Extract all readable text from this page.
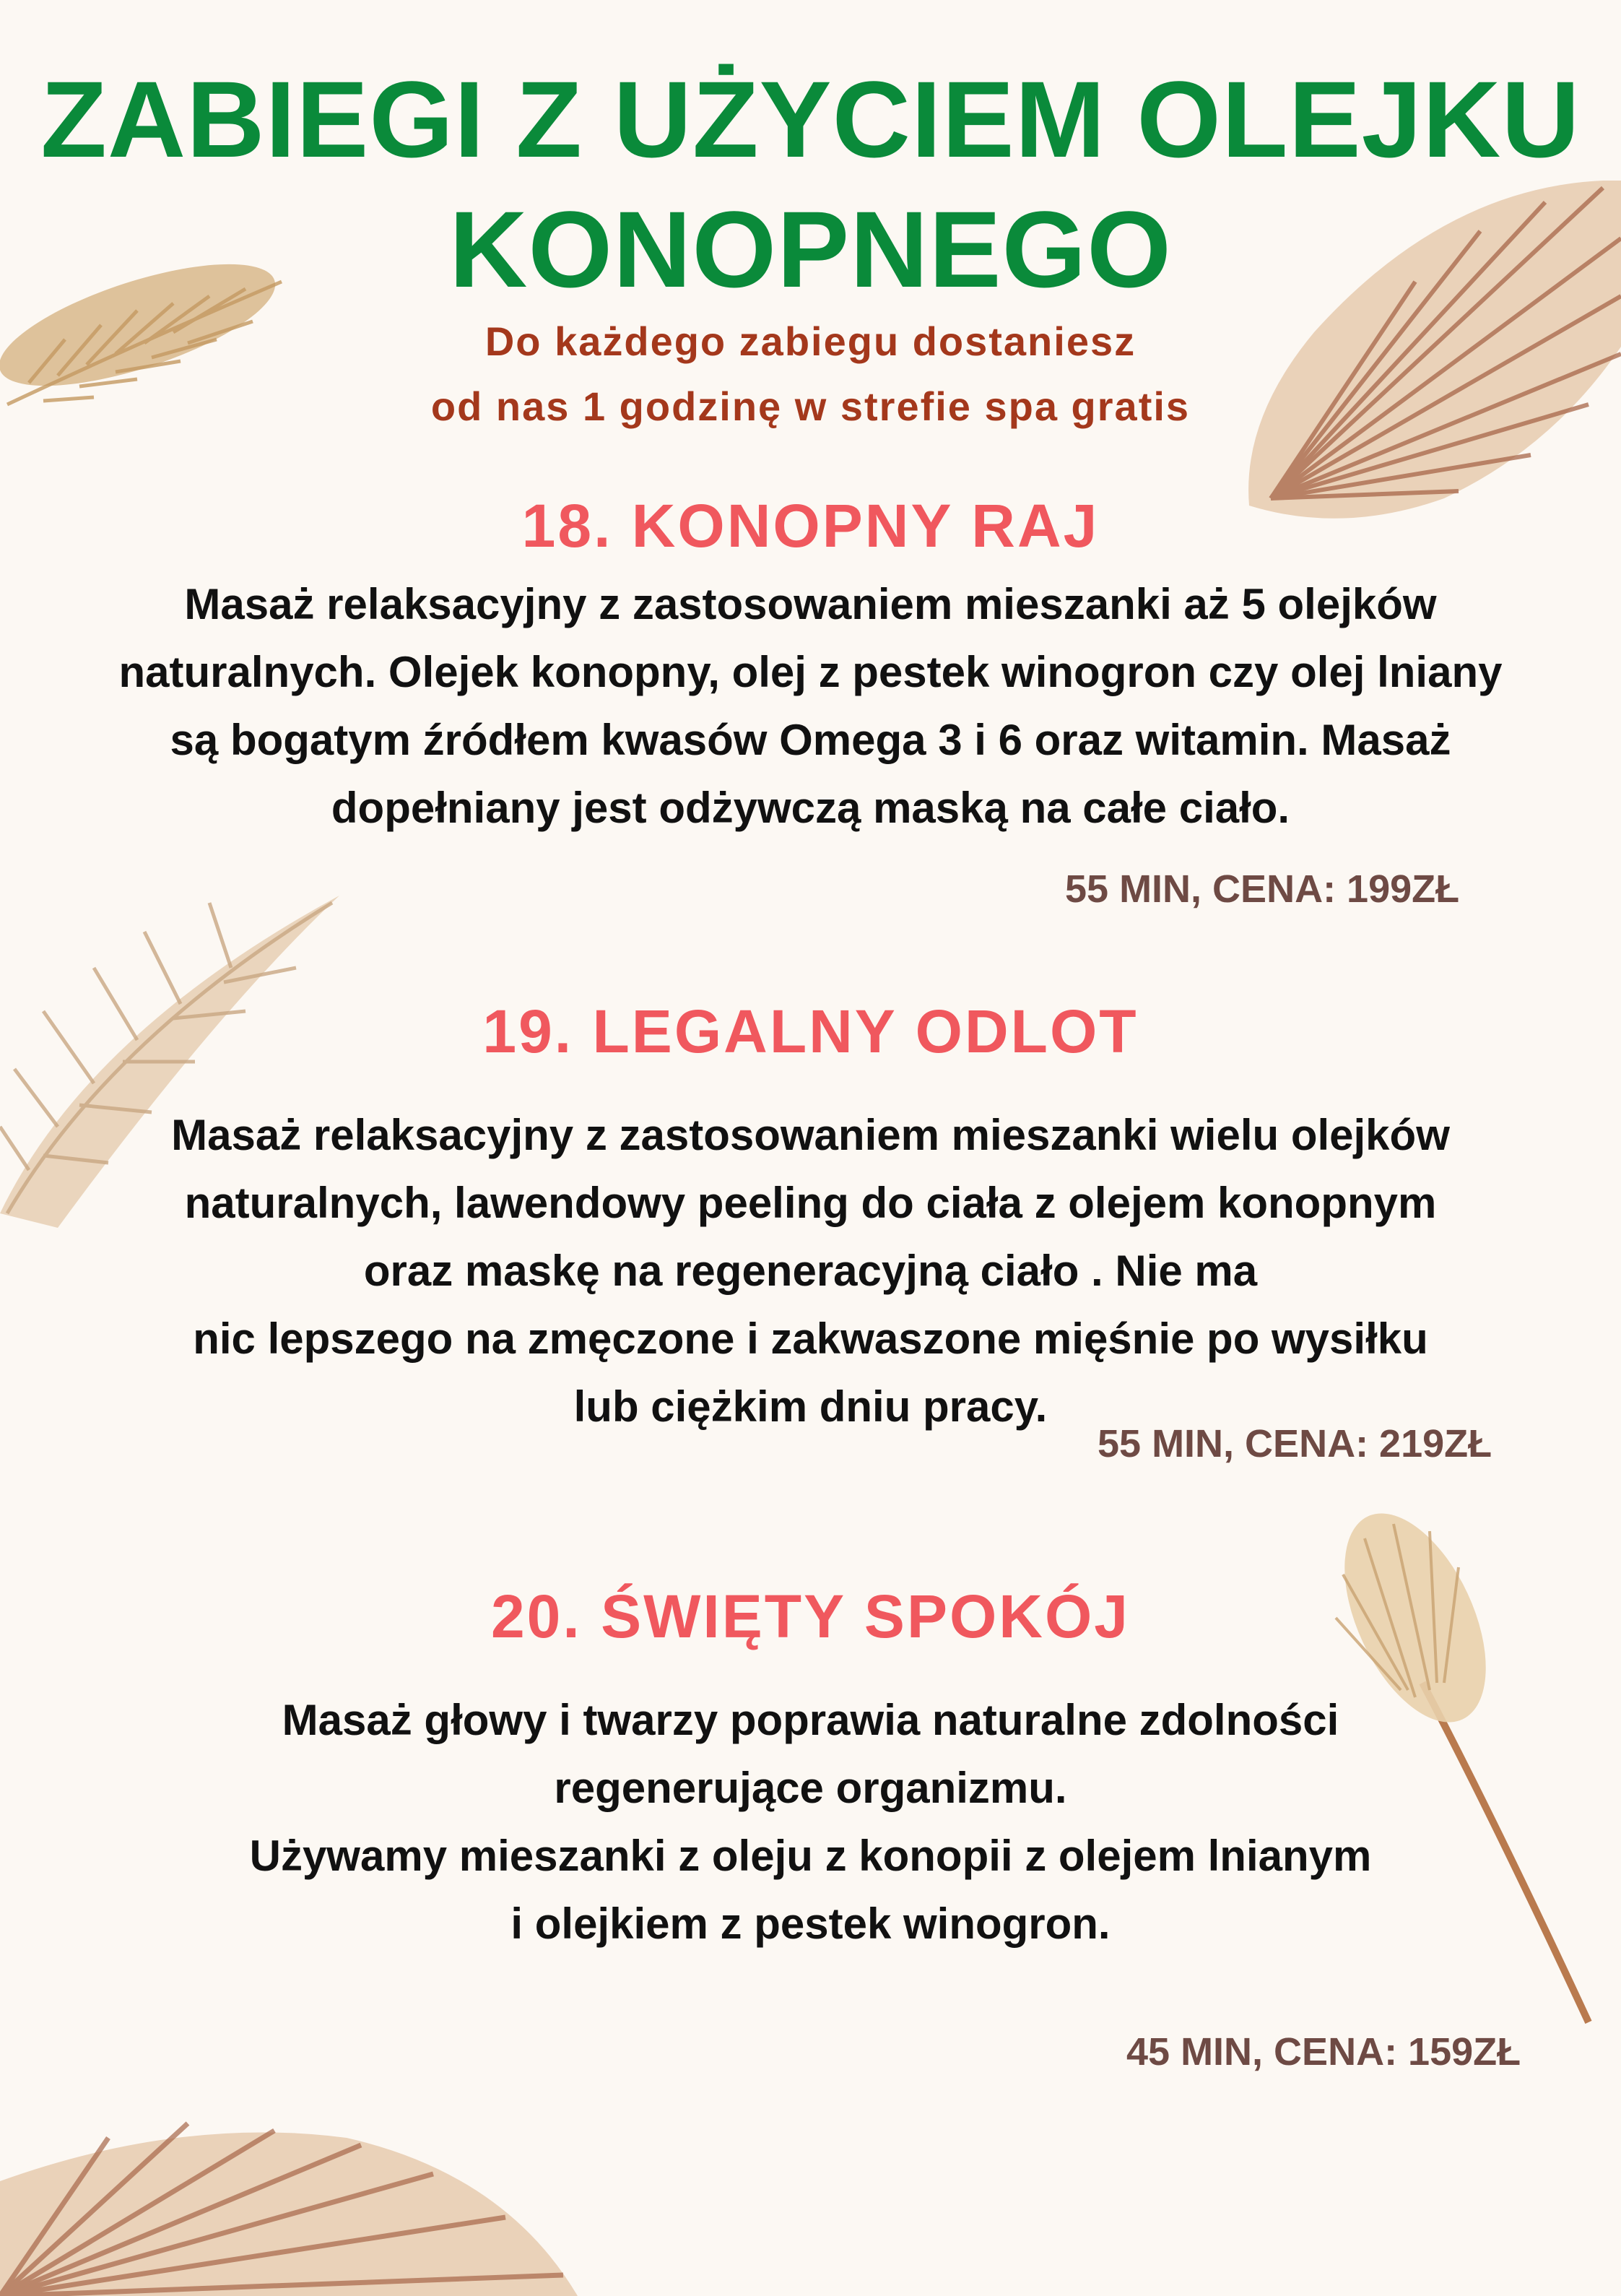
ZABIEGI Z UŻYCIEM OLEJKU
KONOPNEGO
Do każdego zabiegu dostaniesz
od nas 1 godzinę w strefie spa gratis
18. KONOPNY RAJ
Masaż relaksacyjny z zastosowaniem mieszanki aż 5 olejków
naturalnych. Olejek konopny, olej z pestek winogron czy olej lniany
są bogatym źródłem kwasów Omega 3 i 6 oraz witamin. Masaż
dopełniany jest odżywczą maską na całe ciało.
55 MIN, CENA: 199ZŁ
19. LEGALNY ODLOT
Masaż relaksacyjny z zastosowaniem mieszanki wielu olejków
naturalnych, lawendowy peeling do ciała z olejem konopnym
oraz maskę na regeneracyjną ciało . Nie ma
nic lepszego na zmęczone i zakwaszone mięśnie po wysiłku
lub ciężkim dniu pracy.
55 MIN, CENA: 219ZŁ
20. ŚWIĘTY SPOKÓJ
Masaż głowy i twarzy poprawia naturalne zdolności
regenerujące organizmu.
Używamy mieszanki z oleju z konopii z olejem lnianym
i olejkiem z pestek winogron.
45 MIN, CENA: 159ZŁ
